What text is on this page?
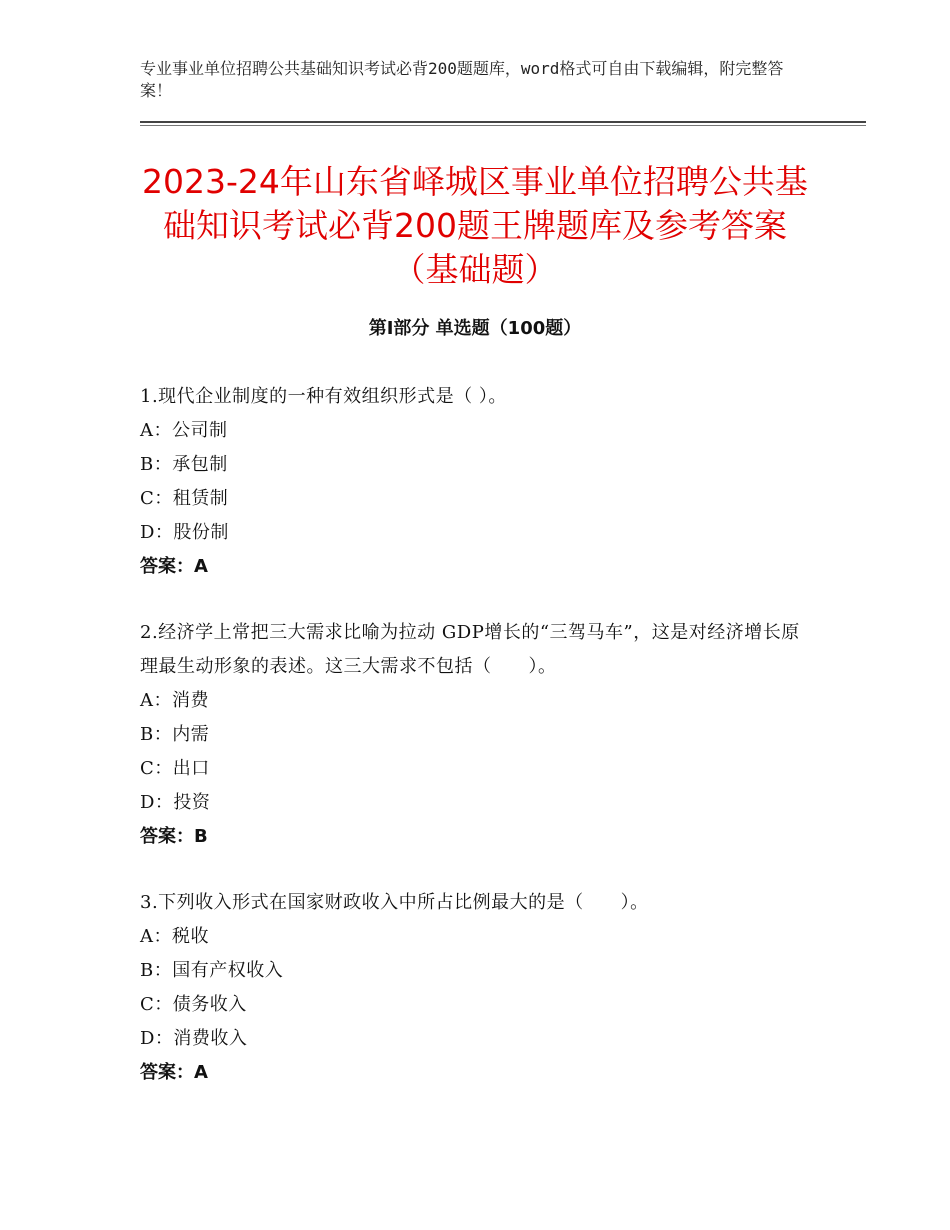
专业事业单位招聘公共基础知识考试必背200题题库，word格式可自由下载编辑，附完整答案！
2023-24年山东省峄城区事业单位招聘公共基础知识考试必背200题王牌题库及参考答案（基础题）
第Ⅰ部分 单选题（100题）
1.现代企业制度的一种有效组织形式是（ ）。
A：公司制
B：承包制
C：租赁制
D：股份制
答案：A
2.经济学上常把三大需求比喻为拉动 GDP增长的“三驾马车”，这是对经济增长原理最生动形象的表述。这三大需求不包括（　　）。
A：消费
B：内需
C：出口
D：投资
答案：B
3.下列收入形式在国家财政收入中所占比例最大的是（　　）。
A：税收
B：国有产权收入
C：债务收入
D：消费收入
答案：A
